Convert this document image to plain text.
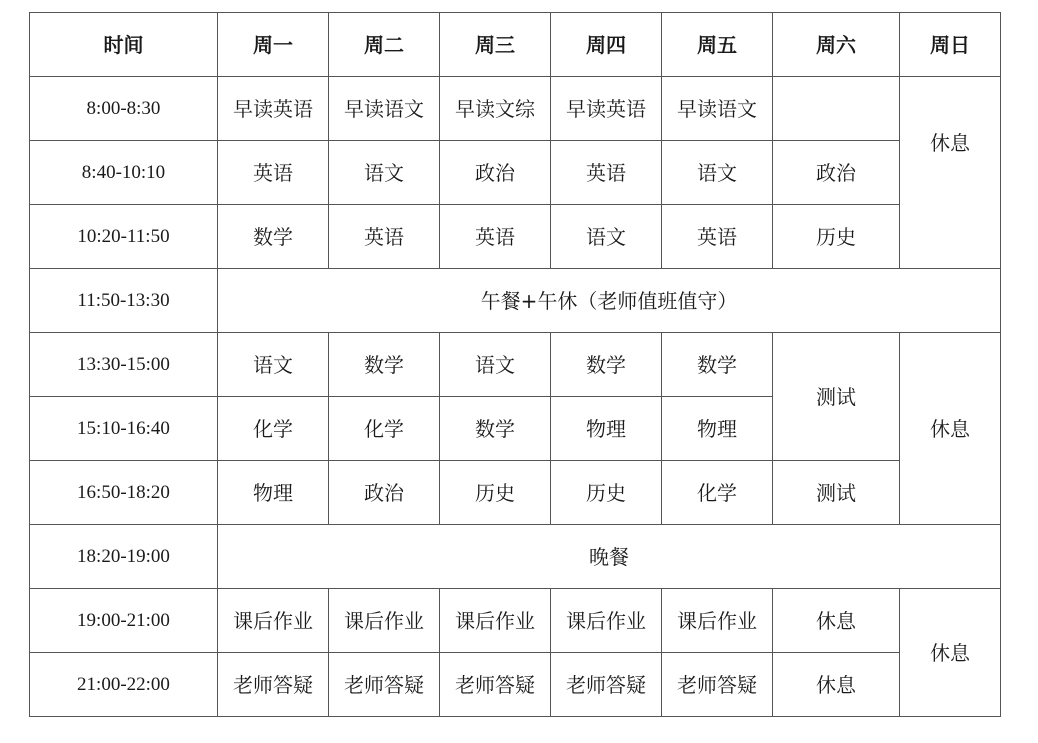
时间	周一	周二	周三	周四	周五	周六	周日
8:00-8:30	早读英语	早读语文	早读文综	早读英语	早读语文		休息
8:40-10:10	英语	语文	政治	英语	语文	政治	
10:20-11:50	数学	英语	英语	语文	英语	历史	
11:50-13:30	午餐+午休（老师值班值守）						
13:30-15:00	语文	数学	语文	数学	数学	测试	休息
15:10-16:40	化学	化学	数学	物理	物理		
16:50-18:20	物理	政治	历史	历史	化学	测试	
18:20-19:00	晚餐						
19:00-21:00	课后作业	课后作业	课后作业	课后作业	课后作业	休息	休息
21:00-22:00	老师答疑	老师答疑	老师答疑	老师答疑	老师答疑	休息	
